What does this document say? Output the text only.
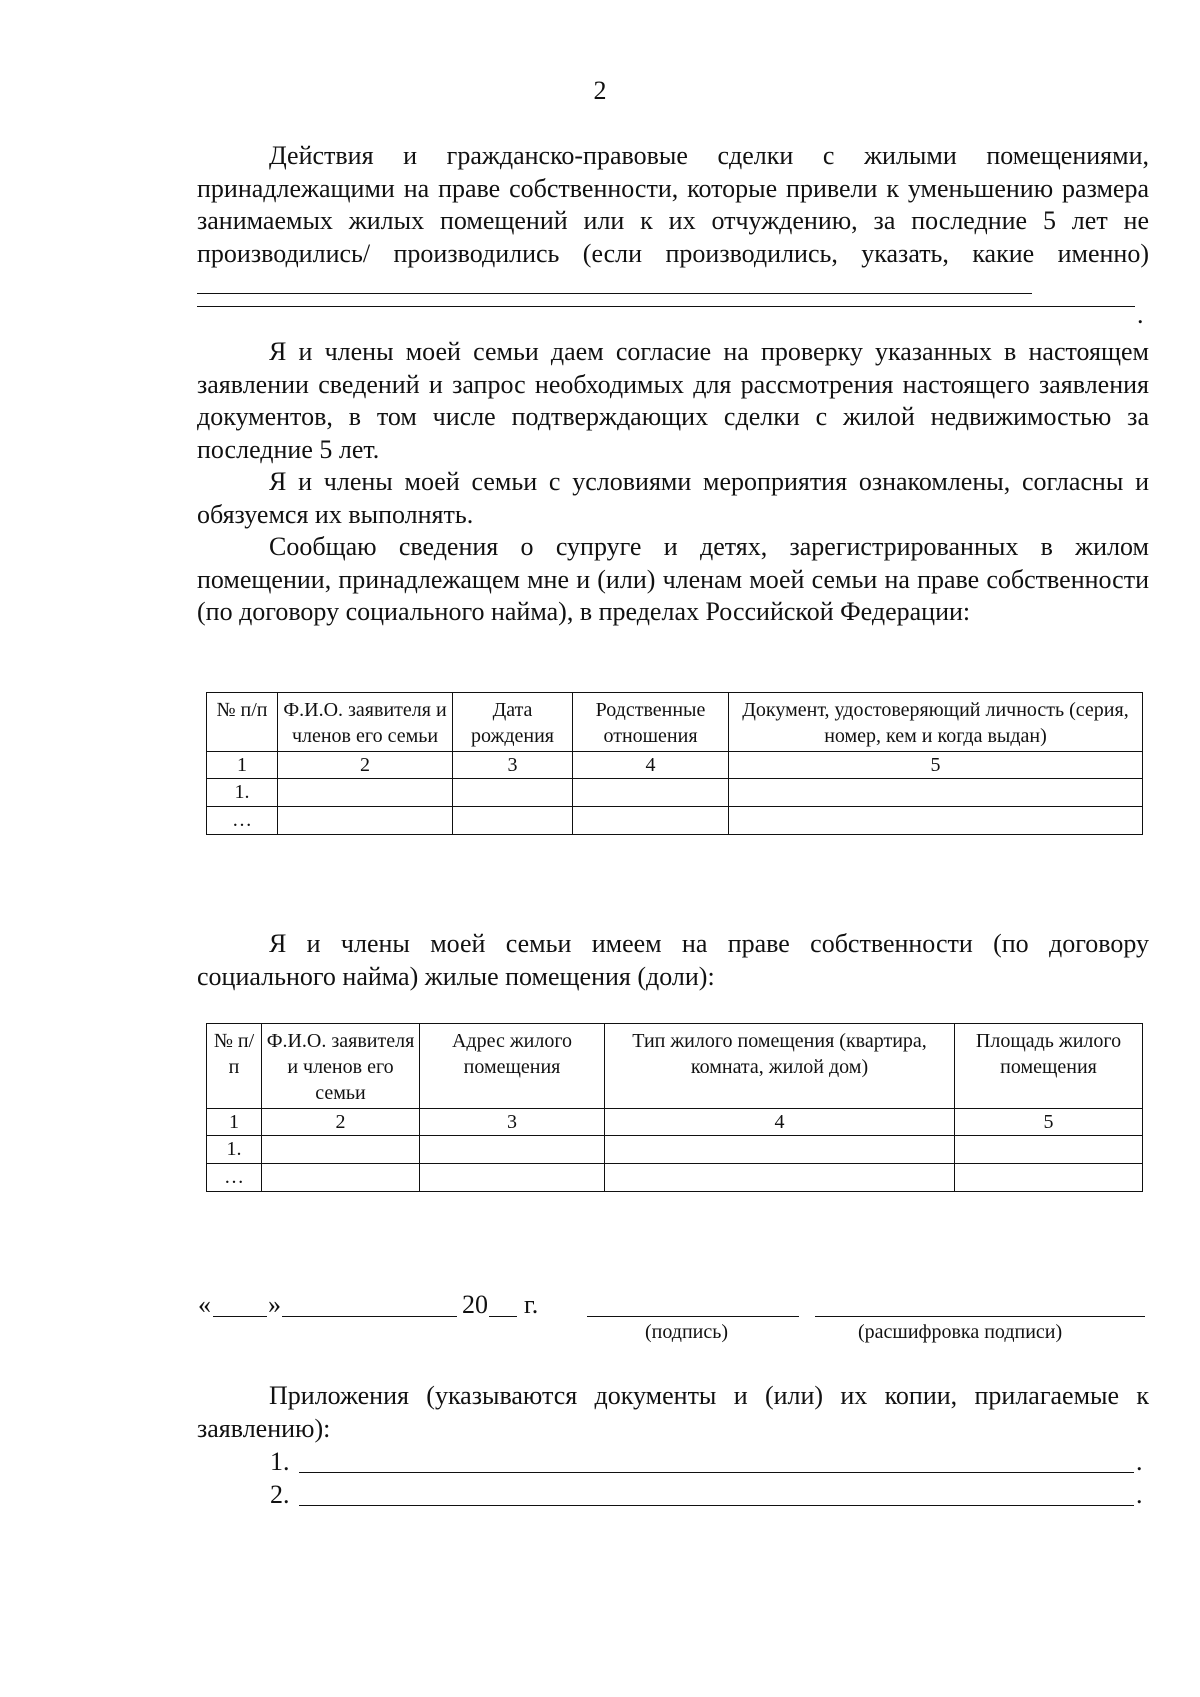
2

Действия и гражданско-правовые сделки с жилыми помещениями, принадлежащими на праве собственности, которые привели к уменьшению размера занимаемых жилых помещений или к их отчуждению, за последние 5 лет не производились/ производились (если производились, указать, какие именно)

.

Я и члены моей семьи даем согласие на проверку указанных в настоящем заявлении сведений и запрос необходимых для рассмотрения настоящего заявления документов, в том числе подтверждающих сделки с жилой недвижимостью за последние 5 лет.

Я и члены моей семьи с условиями мероприятия ознакомлены, согласны и обязуемся их выполнять.

Сообщаю сведения о супруге и детях, зарегистрированных в жилом помещении, принадлежащем мне и (или) членам моей семьи на праве собственности (по договору социального найма), в пределах Российской Федерации:

№ п/п	Ф.И.О. заявителя и членов его семьи	Дата рождения	Родственные отношения	Документ, удостоверяющий личность (серия, номер, кем и когда выдан)
1	2	3	4	5
1.				
…				

Я и члены моей семьи имеем на праве собственности (по договору социального найма) жилые помещения (доли):

№ п/п	Ф.И.О. заявителя и членов его семьи	Адрес жилого помещения	Тип жилого помещения (квартира, комната, жилой дом)	Площадь жилого помещения
1	2	3	4	5
1.				
…				
« »	20 г.
(подпись)	(расшифровка подписи)

Приложения (указываются документы и (или) их копии, прилагаемые к заявлению):

1.	.
2.	.
